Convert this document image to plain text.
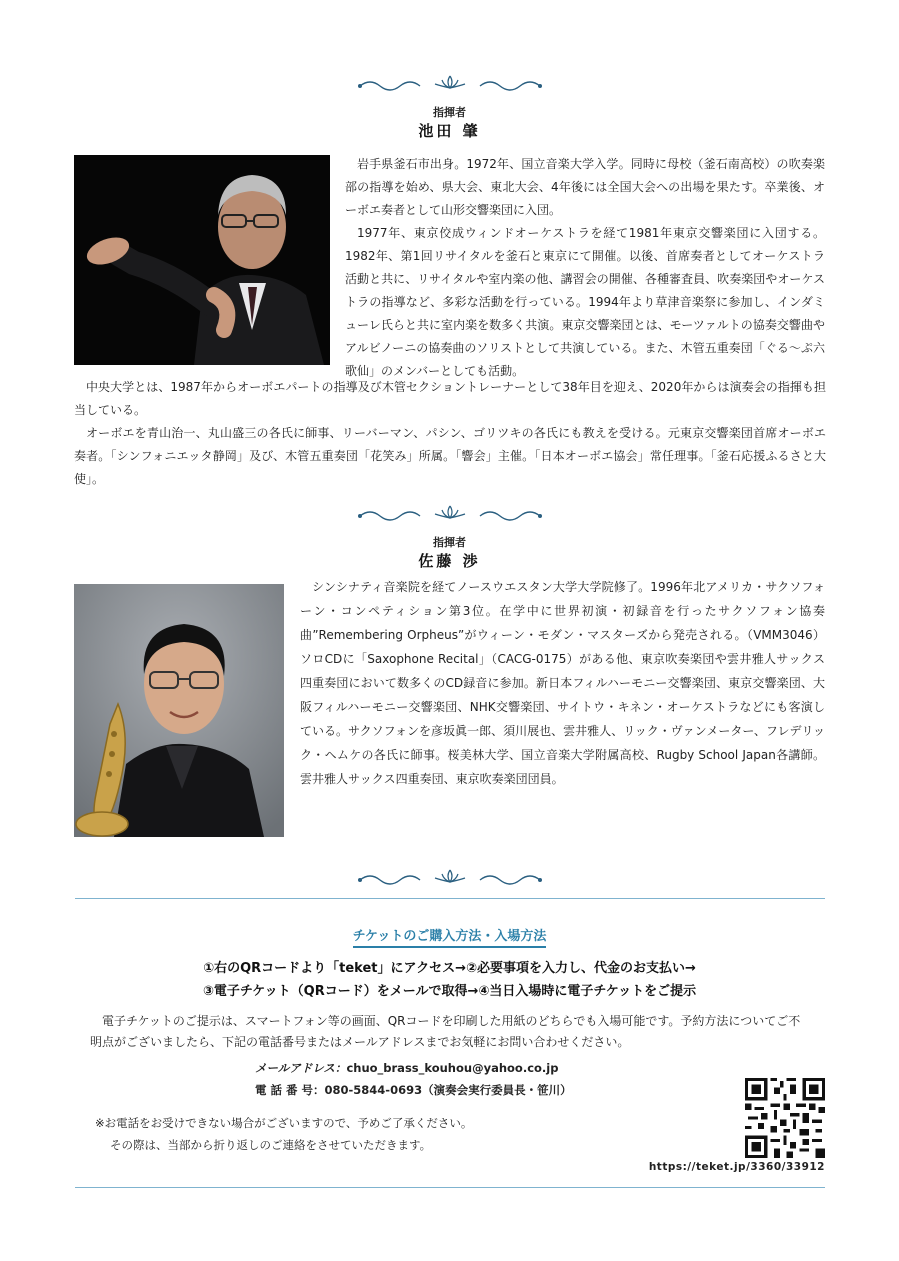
指揮者
池田 肇

岩手県釜石市出身。1972年、国立音楽大学入学。同時に母校（釜石南高校）の吹奏楽部の指導を始め、県大会、東北大会、4年後には全国大会への出場を果たす。卒業後、オーボエ奏者として山形交響楽団に入団。

1977年、東京佼成ウィンドオーケストラを経て1981年東京交響楽団に入団する。1982年、第1回リサイタルを釜石と東京にて開催。以後、首席奏者としてオーケストラ活動と共に、リサイタルや室内楽の他、講習会の開催、各種審査員、吹奏楽団やオーケストラの指導など、多彩な活動を行っている。1994年より草津音楽祭に参加し、インダミューレ氏らと共に室内楽を数多く共演。東京交響楽団とは、モーツァルトの協奏交響曲やアルビノーニの協奏曲のソリストとして共演している。また、木管五重奏団「ぐる～ぷ六歌仙」のメンバーとしても活動。

中央大学とは、1987年からオーボエパートの指導及び木管セクショントレーナーとして38年目を迎え、2020年からは演奏会の指揮も担当している。

オーボエを青山治一、丸山盛三の各氏に師事、リーバーマン、パシン、ゴリツキの各氏にも教えを受ける。元東京交響楽団首席オーボエ奏者。「シンフォニエッタ静岡」及び、木管五重奏団「花笑み」所属。「響会」主催。「日本オーボエ協会」常任理事。「釜石応援ふるさと大使」。

指揮者
佐藤 渉

シンシナティ音楽院を経てノースウエスタン大学大学院修了。1996年北アメリカ・サクソフォーン・コンペティション第3位。在学中に世界初演・初録音を行ったサクソフォン協奏曲”Remembering Orpheus”がウィーン・モダン・マスターズから発売される。（VMM3046）ソロCDに「Saxophone Recital」（CACG-0175）がある他、東京吹奏楽団や雲井雅人サックス四重奏団において数多くのCD録音に参加。新日本フィルハーモニー交響楽団、東京交響楽団、大阪フィルハーモニー交響楽団、NHK交響楽団、サイトウ・キネン・オーケストラなどにも客演している。サクソフォンを彦坂眞一郎、須川展也、雲井雅人、リック・ヴァンメーター、フレデリック・ヘムケの各氏に師事。桜美林大学、国立音楽大学附属高校、Rugby School Japan各講師。雲井雅人サックス四重奏団、東京吹奏楽団団員。

チケットのご購入方法・入場方法
①右のQRコードより「teket」にアクセス→②必要事項を入力し、代金のお支払い→
③電子チケット（QRコード）をメールで取得→④当日入場時に電子チケットをご提示
電子チケットのご提示は、スマートフォン等の画面、QRコードを印刷した用紙のどちらでも入場可能です。予約方法についてご不明点がございましたら、下記の電話番号またはメールアドレスまでお気軽にお問い合わせください。
メールアドレス：chuo_brass_kouhou@yahoo.co.jp
電 話 番 号：080-5844-0693（演奏会実行委員長・笹川）
※お電話をお受けできない場合がございますので、予めご了承ください。
その際は、当部から折り返しのご連絡をさせていただきます。
https://teket.jp/3360/33912
